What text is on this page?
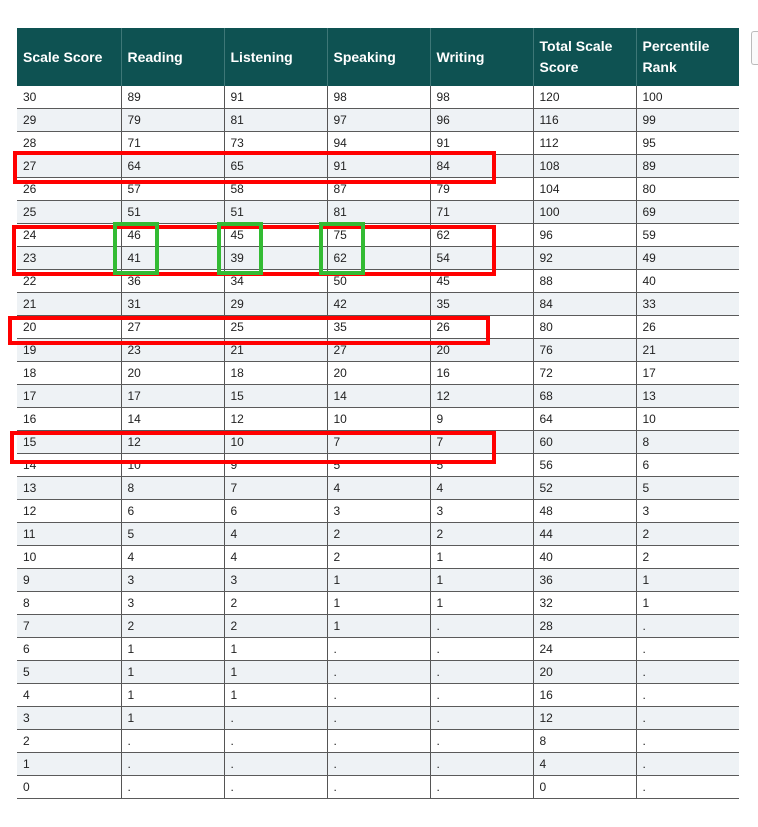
Scale Score	Reading	Listening	Speaking	Writing	Total Scale Score	Percentile Rank
30	89	91	98	98	120	100
29	79	81	97	96	116	99
28	71	73	94	91	112	95
27	64	65	91	84	108	89
26	57	58	87	79	104	80
25	51	51	81	71	100	69
24	46	45	75	62	96	59
23	41	39	62	54	92	49
22	36	34	50	45	88	40
21	31	29	42	35	84	33
20	27	25	35	26	80	26
19	23	21	27	20	76	21
18	20	18	20	16	72	17
17	17	15	14	12	68	13
16	14	12	10	9	64	10
15	12	10	7	7	60	8
14	10	9	5	5	56	6
13	8	7	4	4	52	5
12	6	6	3	3	48	3
11	5	4	2	2	44	2
10	4	4	2	1	40	2
9	3	3	1	1	36	1
8	3	2	1	1	32	1
7	2	2	1	.	28	.
6	1	1	.	.	24	.
5	1	1	.	.	20	.
4	1	1	.	.	16	.
3	1	.	.	.	12	.
2	.	.	.	.	8	.
1	.	.	.	.	4	.
0	.	.	.	.	0	.
